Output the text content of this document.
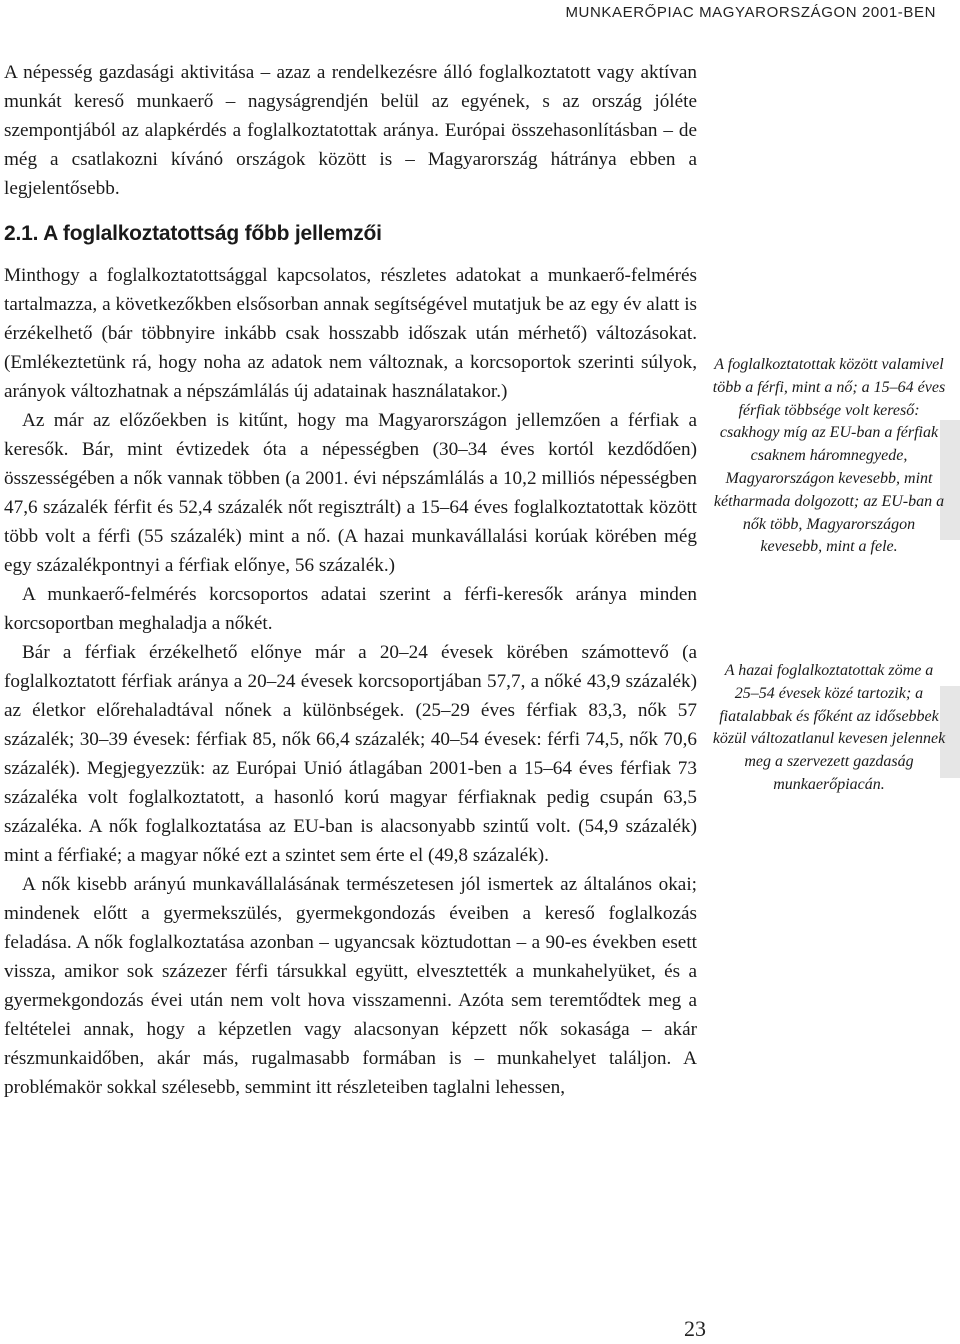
MUNKAERŐPIAC MAGYARORSZÁGON 2001-BEN

A népesség gazdasági aktivitása – azaz a rendelkezésre álló foglalkoztatott vagy aktívan munkát kereső munkaerő – nagyságrendjén belül az egyének, s az ország jóléte szempontjából az alapkérdés a foglalkoztatottak aránya. Európai összehasonlításban – de még a csatlakozni kívánó országok között is – Magyarország hátránya ebben a legjelentősebb.

2.1. A foglalkoztatottság főbb jellemzői

Minthogy a foglalkoztatottsággal kapcsolatos, részletes adatokat a munkaerő-felmérés tartalmazza, a következőkben elsősorban annak segítségével mutatjuk be az egy év alatt is érzékelhető (bár többnyire inkább csak hosszabb időszak után mérhető) változásokat. (Emlékeztetünk rá, hogy noha az adatok nem változnak, a korcsoportok szerinti súlyok, arányok változhatnak a népszámlálás új adatainak használatakor.)

Az már az előzőekben is kitűnt, hogy ma Magyarországon jellemzően a férfiak a keresők. Bár, mint évtizedek óta a népességben (30–34 éves kortól kezdődően) összességében a nők vannak többen (a 2001. évi népszámlálás a 10,2 milliós népességben 47,6 százalék férfit és 52,4 százalék nőt regisztrált) a 15–64 éves foglalkoztatottak között több volt a férfi (55 százalék) mint a nő. (A hazai munkavállalási korúak körében még egy százalékpontnyi a férfiak előnye, 56 százalék.)

A munkaerő-felmérés korcsoportos adatai szerint a férfi-keresők aránya minden korcsoportban meghaladja a nőkét.

Bár a férfiak érzékelhető előnye már a 20–24 évesek körében számottevő (a foglalkoztatott férfiak aránya a 20–24 évesek korcsoportjában 57,7, a nőké 43,9 százalék) az életkor előrehaladtával nőnek a különbségek. (25–29 éves férfiak 83,3, nők 57 százalék; 30–39 évesek: férfiak 85, nők 66,4 százalék; 40–54 évesek: férfi 74,5, nők 70,6 százalék). Megjegyezzük: az Európai Unió átlagában 2001-ben a 15–64 éves férfiak 73 százaléka volt foglalkoztatott, a hasonló korú magyar férfiaknak pedig csupán 63,5 százaléka. A nők foglalkoztatása az EU-ban is alacsonyabb szintű volt. (54,9 százalék) mint a férfiaké; a magyar nőké ezt a szintet sem érte el (49,8 százalék).

A nők kisebb arányú munkavállalásának természetesen jól ismertek az általános okai; mindenek előtt a gyermekszülés, gyermekgondozás éveiben a kereső foglalkozás feladása. A nők foglalkoztatása azonban – ugyancsak köztudottan – a 90-es években esett vissza, amikor sok százezer férfi társukkal együtt, elvesztették a munkahelyüket, és a gyermekgondozás évei után nem volt hova visszamenni. Azóta sem teremtődtek meg a feltételei annak, hogy a képzetlen vagy alacsonyan képzett nők sokasága – akár részmunkaidőben, akár más, rugalmasabb formában is – munkahelyet találjon. A problémakör sokkal szélesebb, semmint itt részleteiben taglalni lehessen,

A foglalkoztatottak között valamivel több a férfi, mint a nő; a 15–64 éves férfiak többsége volt kereső: csakhogy míg az EU-ban a férfiak csaknem háromnegyede, Magyarországon kevesebb, mint kétharmada dolgozott; az EU-ban a nők több, Magyarországon kevesebb, mint a fele.
A hazai foglalkoztatottak zöme a 25–54 évesek közé tartozik; a fiatalabbak és főként az idősebbek közül változatlanul kevesen jelennek meg a szervezett gazdaság munkaerőpiacán.
23
